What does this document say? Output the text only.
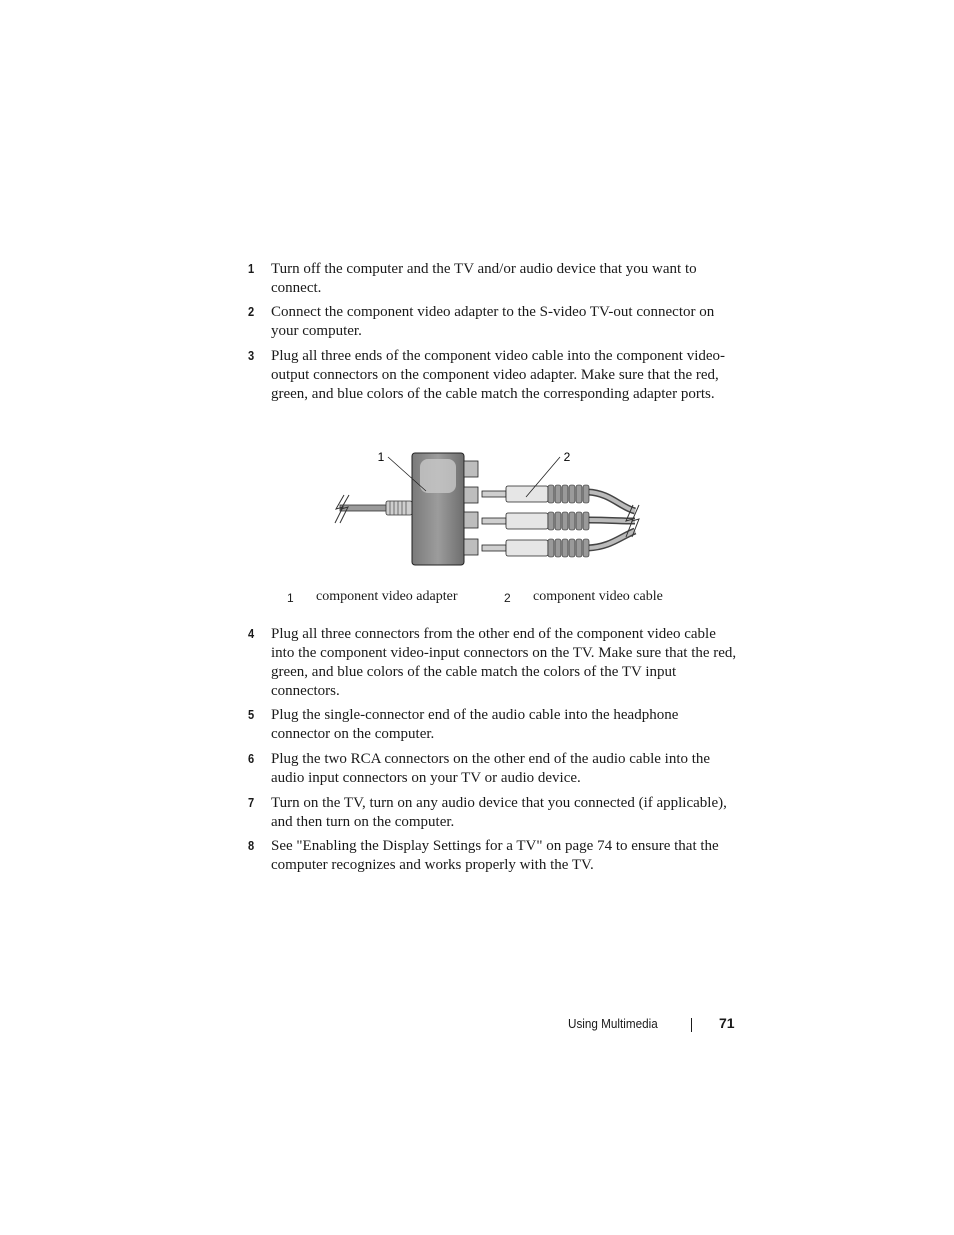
1 Turn off the computer and the TV and/or audio device that you want to connect.
2 Connect the component video adapter to the S-video TV-out connector on your computer.
3 Plug all three ends of the component video cable into the component video-output connectors on the component video adapter. Make sure that the red, green, and blue colors of the cable match the corresponding adapter ports.
1	2
1 component video adapter	2 component video cable
4 Plug all three connectors from the other end of the component video cable into the component video-input connectors on the TV. Make sure that the red, green, and blue colors of the cable match the colors of the TV input connectors.
5 Plug the single-connector end of the audio cable into the headphone connector on the computer.
6 Plug the two RCA connectors on the other end of the audio cable into the audio input connectors on your TV or audio device.
7 Turn on the TV, turn on any audio device that you connected (if applicable), and then turn on the computer.
8 See "Enabling the Display Settings for a TV" on page 74 to ensure that the computer recognizes and works properly with the TV.
Using Multimedia	71
